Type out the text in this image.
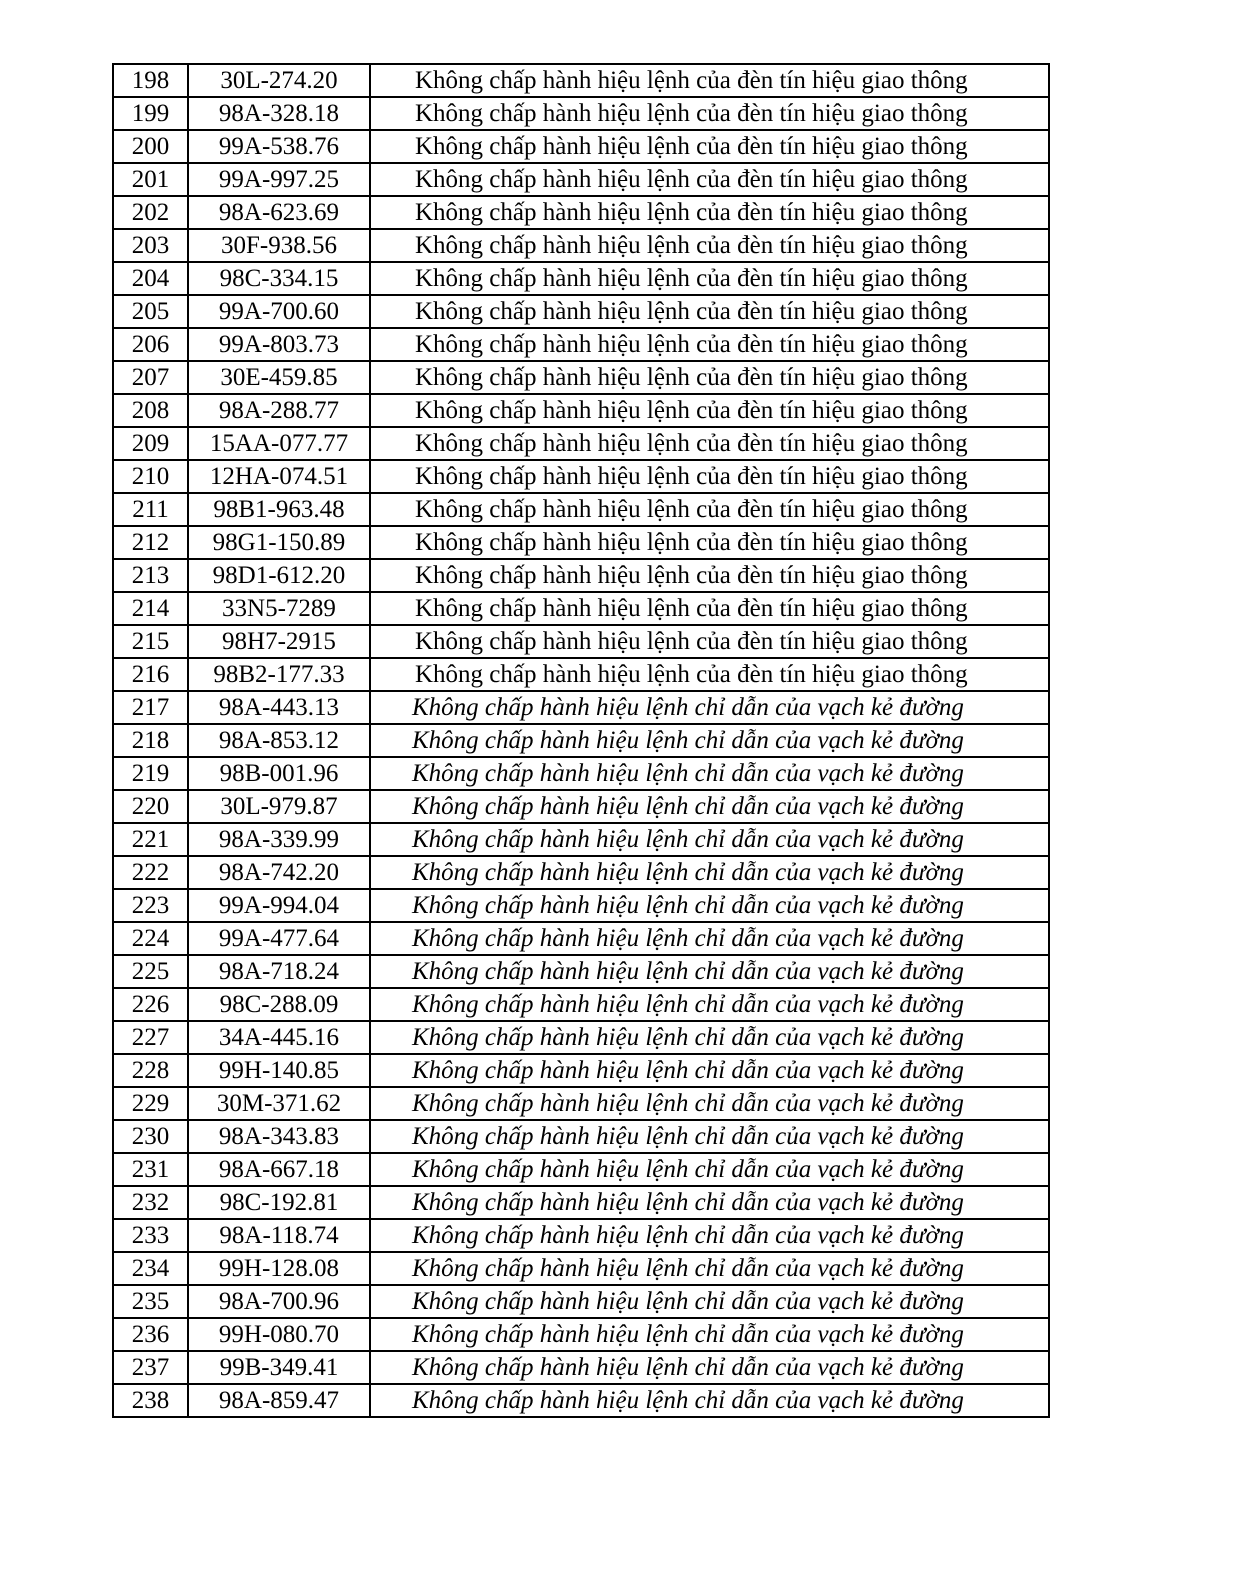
198	30L-274.20	Không chấp hành hiệu lệnh của đèn tín hiệu giao thông
199	98A-328.18	Không chấp hành hiệu lệnh của đèn tín hiệu giao thông
200	99A-538.76	Không chấp hành hiệu lệnh của đèn tín hiệu giao thông
201	99A-997.25	Không chấp hành hiệu lệnh của đèn tín hiệu giao thông
202	98A-623.69	Không chấp hành hiệu lệnh của đèn tín hiệu giao thông
203	30F-938.56	Không chấp hành hiệu lệnh của đèn tín hiệu giao thông
204	98C-334.15	Không chấp hành hiệu lệnh của đèn tín hiệu giao thông
205	99A-700.60	Không chấp hành hiệu lệnh của đèn tín hiệu giao thông
206	99A-803.73	Không chấp hành hiệu lệnh của đèn tín hiệu giao thông
207	30E-459.85	Không chấp hành hiệu lệnh của đèn tín hiệu giao thông
208	98A-288.77	Không chấp hành hiệu lệnh của đèn tín hiệu giao thông
209	15AA-077.77	Không chấp hành hiệu lệnh của đèn tín hiệu giao thông
210	12HA-074.51	Không chấp hành hiệu lệnh của đèn tín hiệu giao thông
211	98B1-963.48	Không chấp hành hiệu lệnh của đèn tín hiệu giao thông
212	98G1-150.89	Không chấp hành hiệu lệnh của đèn tín hiệu giao thông
213	98D1-612.20	Không chấp hành hiệu lệnh của đèn tín hiệu giao thông
214	33N5-7289	Không chấp hành hiệu lệnh của đèn tín hiệu giao thông
215	98H7-2915	Không chấp hành hiệu lệnh của đèn tín hiệu giao thông
216	98B2-177.33	Không chấp hành hiệu lệnh của đèn tín hiệu giao thông
217	98A-443.13	Không chấp hành hiệu lệnh chỉ dẫn của vạch kẻ đường
218	98A-853.12	Không chấp hành hiệu lệnh chỉ dẫn của vạch kẻ đường
219	98B-001.96	Không chấp hành hiệu lệnh chỉ dẫn của vạch kẻ đường
220	30L-979.87	Không chấp hành hiệu lệnh chỉ dẫn của vạch kẻ đường
221	98A-339.99	Không chấp hành hiệu lệnh chỉ dẫn của vạch kẻ đường
222	98A-742.20	Không chấp hành hiệu lệnh chỉ dẫn của vạch kẻ đường
223	99A-994.04	Không chấp hành hiệu lệnh chỉ dẫn của vạch kẻ đường
224	99A-477.64	Không chấp hành hiệu lệnh chỉ dẫn của vạch kẻ đường
225	98A-718.24	Không chấp hành hiệu lệnh chỉ dẫn của vạch kẻ đường
226	98C-288.09	Không chấp hành hiệu lệnh chỉ dẫn của vạch kẻ đường
227	34A-445.16	Không chấp hành hiệu lệnh chỉ dẫn của vạch kẻ đường
228	99H-140.85	Không chấp hành hiệu lệnh chỉ dẫn của vạch kẻ đường
229	30M-371.62	Không chấp hành hiệu lệnh chỉ dẫn của vạch kẻ đường
230	98A-343.83	Không chấp hành hiệu lệnh chỉ dẫn của vạch kẻ đường
231	98A-667.18	Không chấp hành hiệu lệnh chỉ dẫn của vạch kẻ đường
232	98C-192.81	Không chấp hành hiệu lệnh chỉ dẫn của vạch kẻ đường
233	98A-118.74	Không chấp hành hiệu lệnh chỉ dẫn của vạch kẻ đường
234	99H-128.08	Không chấp hành hiệu lệnh chỉ dẫn của vạch kẻ đường
235	98A-700.96	Không chấp hành hiệu lệnh chỉ dẫn của vạch kẻ đường
236	99H-080.70	Không chấp hành hiệu lệnh chỉ dẫn của vạch kẻ đường
237	99B-349.41	Không chấp hành hiệu lệnh chỉ dẫn của vạch kẻ đường
238	98A-859.47	Không chấp hành hiệu lệnh chỉ dẫn của vạch kẻ đường
